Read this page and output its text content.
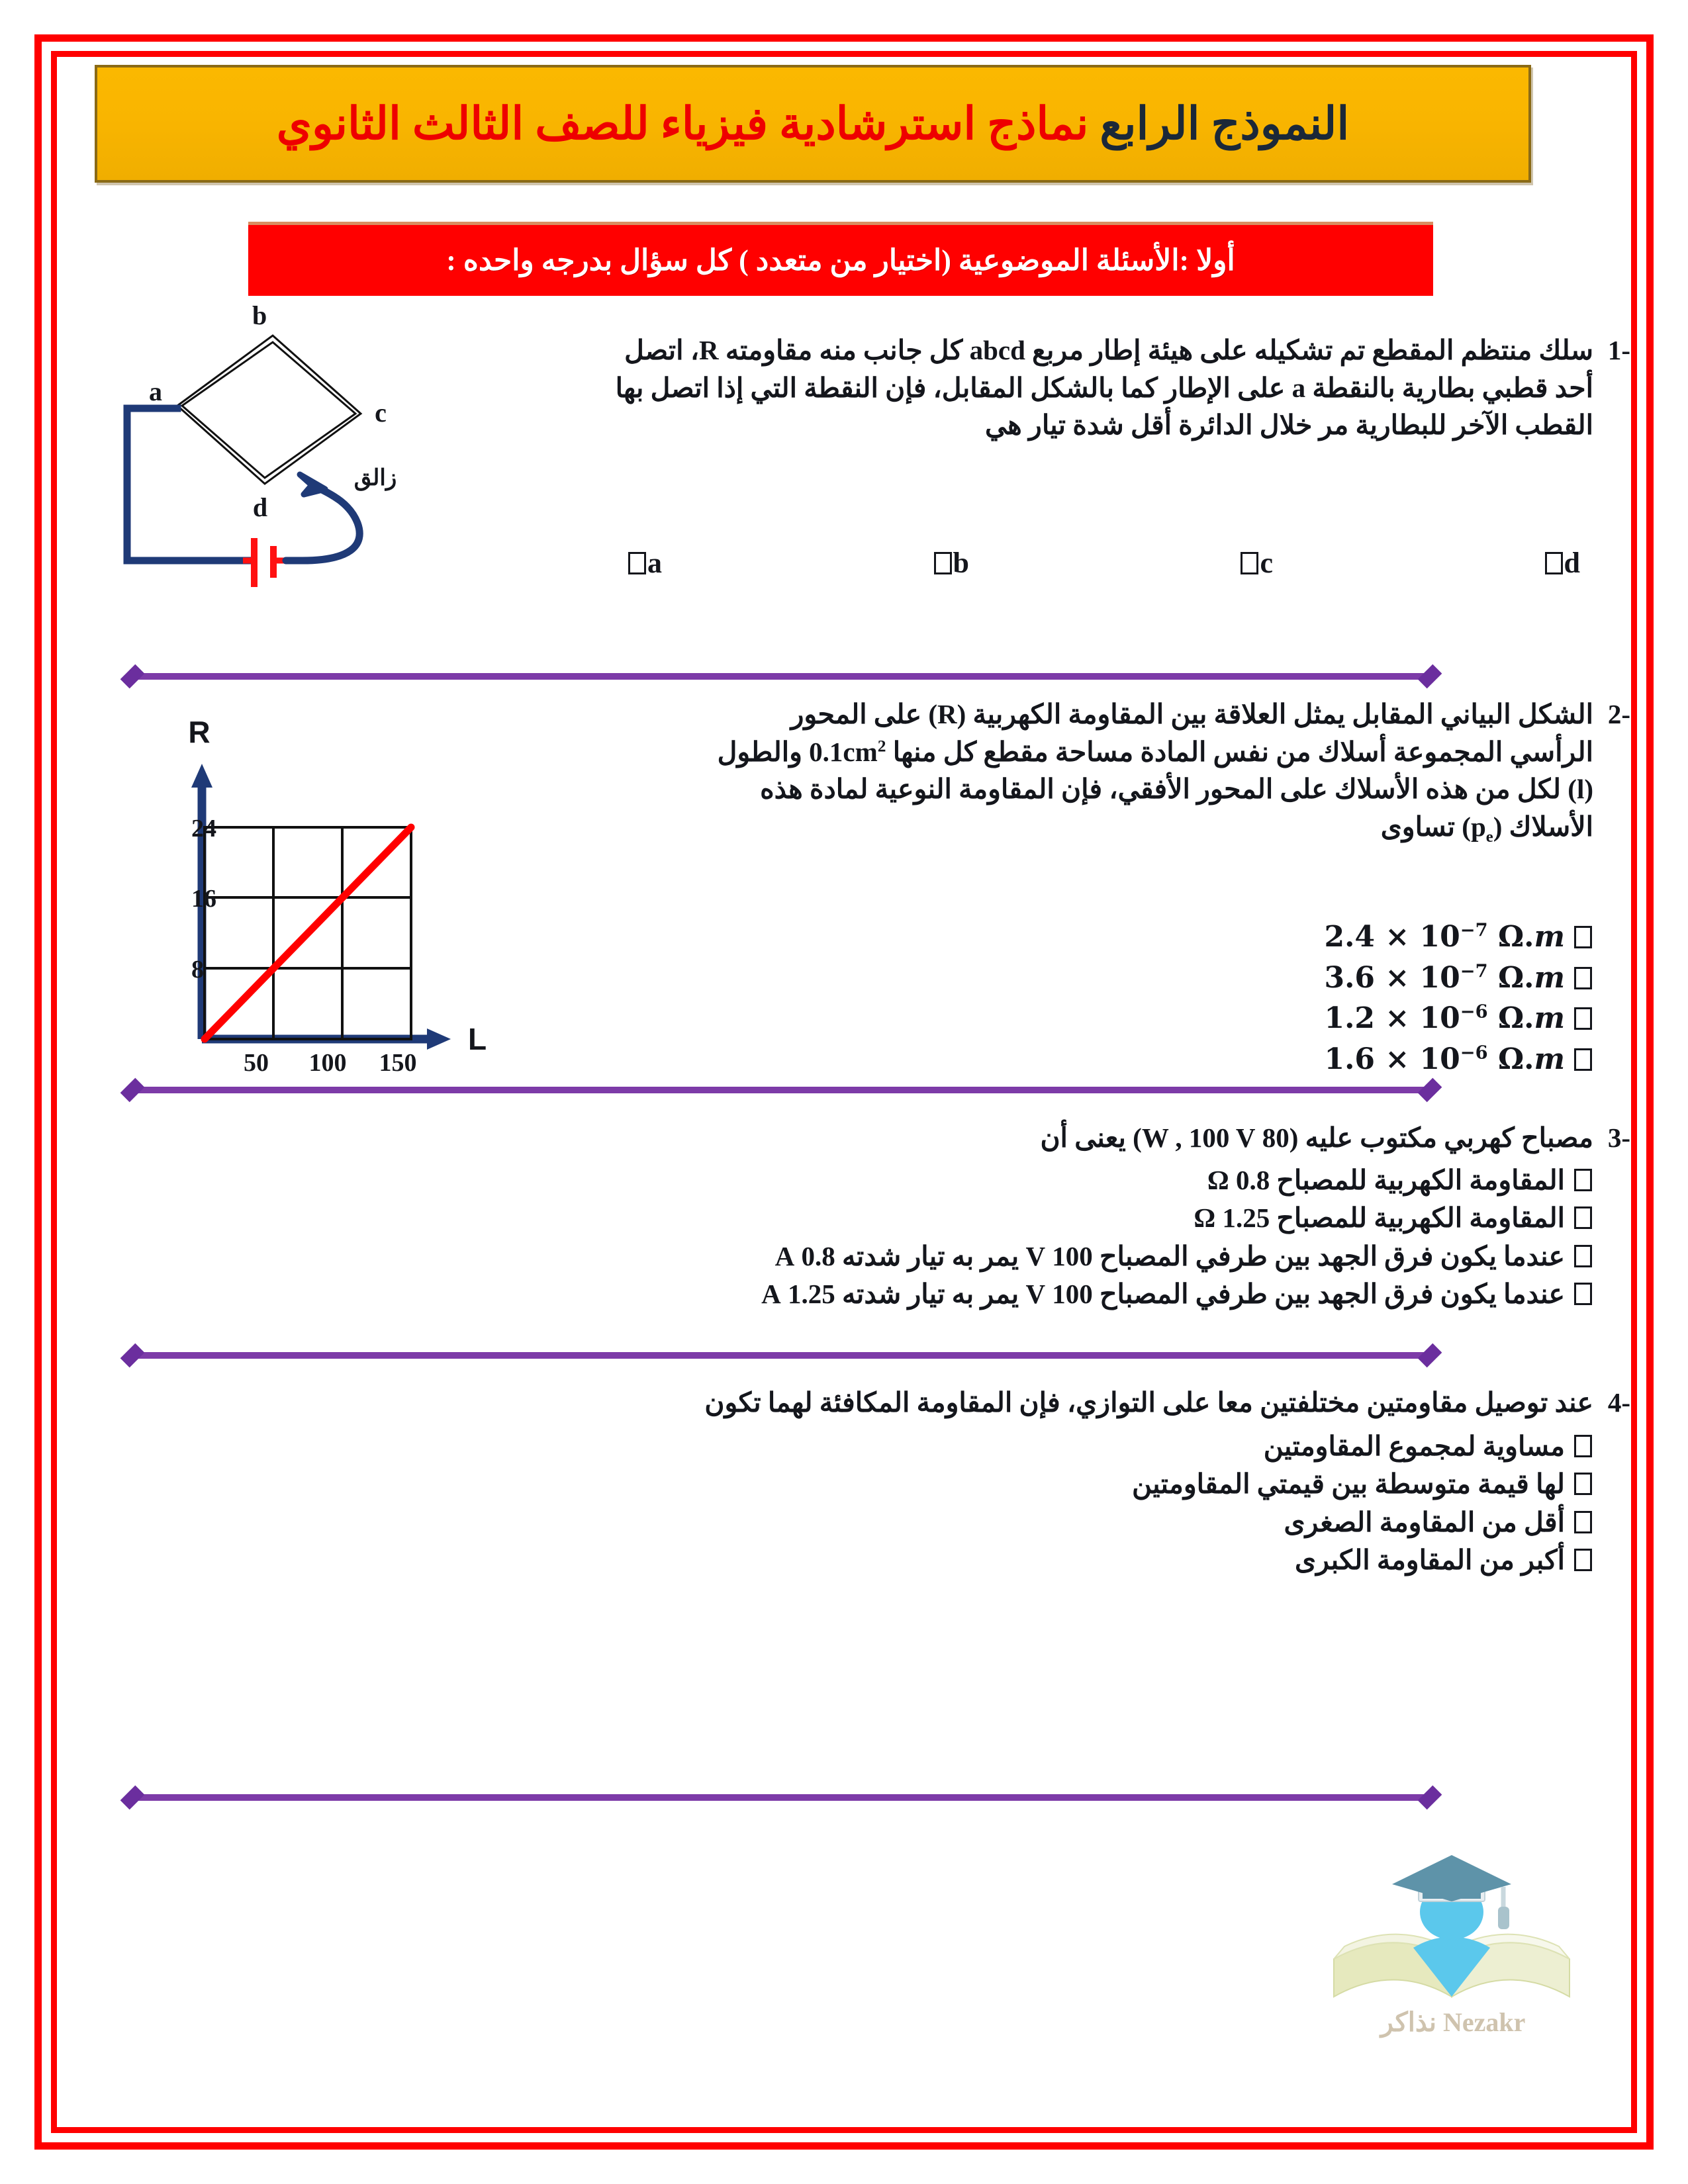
النموذج الرابع نماذج استرشادية فيزياء للصف الثالث الثانوي
أولا :الأسئلة الموضوعية (اختيار من متعدد ) كل سؤال بدرجه واحده :
1-
سلك منتظم المقطع تم تشكيله على هيئة إطار مربع abcd كل جانب منه مقاومته R، اتصل
أحد قطبي بطارية بالنقطة a على الإطار كما بالشكل المقابل، فإن النقطة التي إذا اتصل بها
القطب الآخر للبطارية مر خلال الدائرة أقل شدة تيار هي
d
c
b
a
a
c
d
زالق
b
2-
الشكل البياني المقابل يمثل العلاقة بين المقاومة الكهربية (R) على المحور
الرأسي المجموعة أسلاك من نفس المادة مساحة مقطع كل منها $0.1cm^2$ والطول
(l) لكل من هذه الأسلاك على المحور الأفقي، فإن المقاومة النوعية لمادة هذه
الأسلاك $(p_e)$ تساوى
$2.4 \times 10^{-7}$ Ω.m
$3.6 \times 10^{-7}$ Ω.m
$1.2 \times 10^{-6}$ Ω.m
$1.6 \times 10^{-6}$ Ω.m
24
16
8
50 100 150
R
L
3-
مصباح كهربي مكتوب عليه (80 W , 100 V) يعنى أن
المقاومة الكهربية للمصباح 0.8 Ω
المقاومة الكهربية للمصباح 1.25 Ω
عندما يكون فرق الجهد بين طرفي المصباح 100 V يمر به تيار شدته 0.8 A
عندما يكون فرق الجهد بين طرفي المصباح 100 V يمر به تيار شدته 1.25 A
4-
عند توصيل مقاومتين مختلفتين معا على التوازي، فإن المقاومة المكافئة لهما تكون
مساوية لمجموع المقاومتين
لها قيمة متوسطة بين قيمتي المقاومتين
أقل من المقاومة الصغرى
أكبر من المقاومة الكبرى
Nezakr نذاكر
